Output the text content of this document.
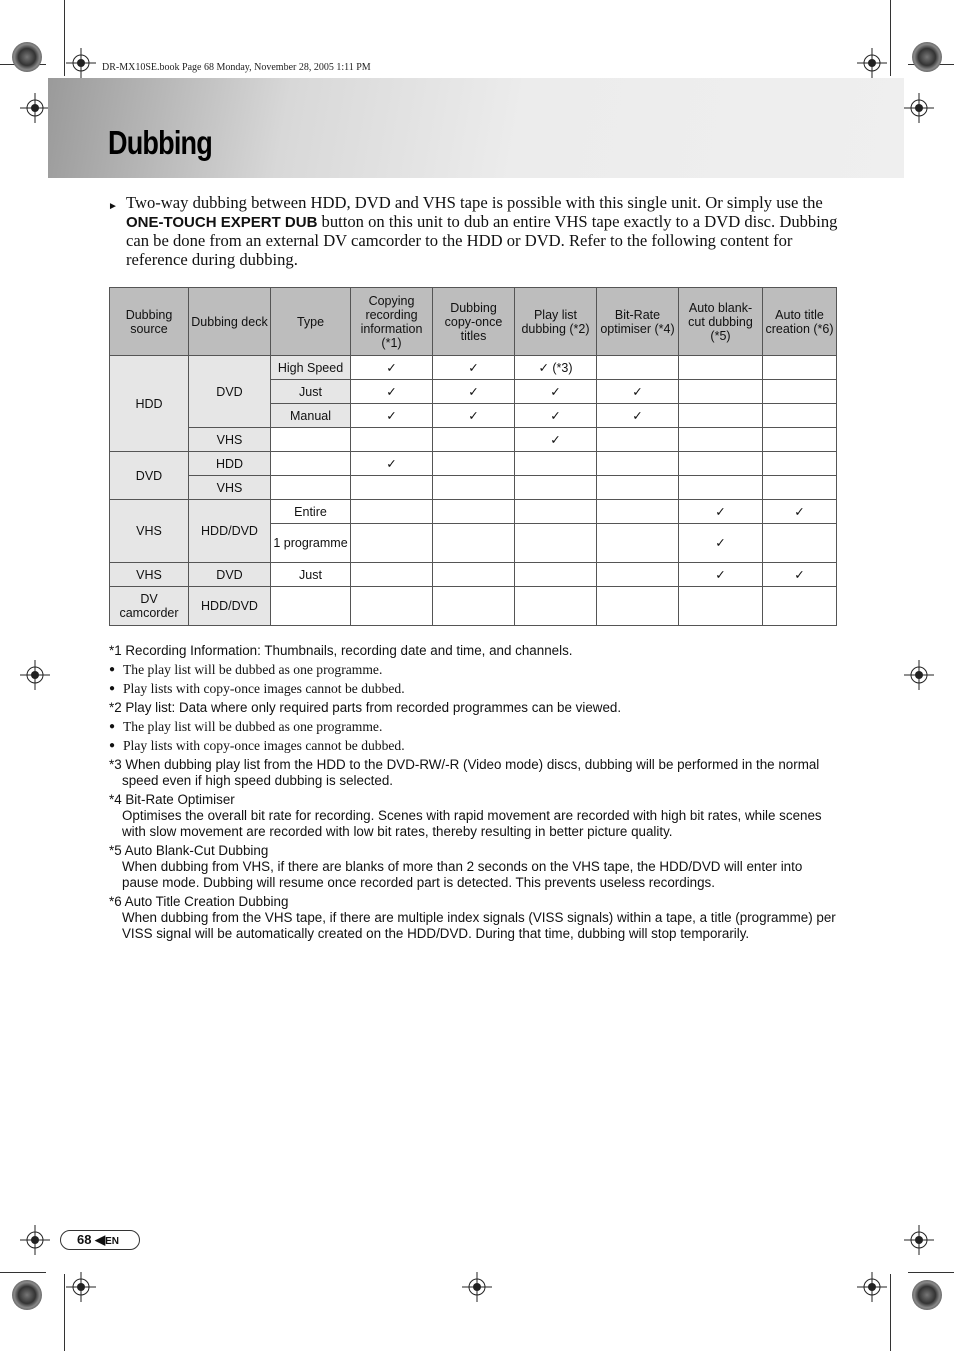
DR-MX10SE.book Page 68 Monday, November 28, 2005 1:11 PM
Dubbing
► Two-way dubbing between HDD, DVD and VHS tape is possible with this single unit. Or simply use the ONE-TOUCH EXPERT DUB button on this unit to dub an entire VHS tape exactly to a DVD disc. Dubbing can be done from an external DV camcorder to the HDD or DVD. Refer to the following content for reference during dubbing.
Dubbing source	Dubbing deck	Type	Copying recording information (*1)	Dubbing copy-once titles	Play list dubbing (*2)	Bit-Rate optimiser (*4)	Auto blank-cut dubbing (*5)	Auto title creation (*6)
HDD	DVD	High Speed	✓	✓	✓ (*3)			
		Just	✓	✓	✓	✓		
		Manual	✓	✓	✓	✓		
	VHS				✓			
DVD	HDD		✓					
	VHS							
VHS	HDD/DVD	Entire					✓	✓
		1 programme					✓	
VHS	DVD	Just					✓	✓
DV camcorder	HDD/DVD							
*1 Recording Information: Thumbnails, recording date and time, and channels.
● The play list will be dubbed as one programme.
● Play lists with copy-once images cannot be dubbed.
*2 Play list: Data where only required parts from recorded programmes can be viewed.
● The play list will be dubbed as one programme.
● Play lists with copy-once images cannot be dubbed.
*3 When dubbing play list from the HDD to the DVD-RW/-R (Video mode) discs, dubbing will be performed in the normal speed even if high speed dubbing is selected.
*4 Bit-Rate Optimiser
Optimises the overall bit rate for recording. Scenes with rapid movement are recorded with high bit rates, while scenes with slow movement are recorded with low bit rates, thereby resulting in better picture quality.
*5 Auto Blank-Cut Dubbing
When dubbing from VHS, if there are blanks of more than 2 seconds on the VHS tape, the HDD/DVD will enter into pause mode. Dubbing will resume once recorded part is detected. This prevents useless recordings.
*6 Auto Title Creation Dubbing
When dubbing from the VHS tape, if there are multiple index signals (VISS signals) within a tape, a title (programme) per VISS signal will be automatically created on the HDD/DVD. During that time, dubbing will stop temporarily.
68 ◀EN
